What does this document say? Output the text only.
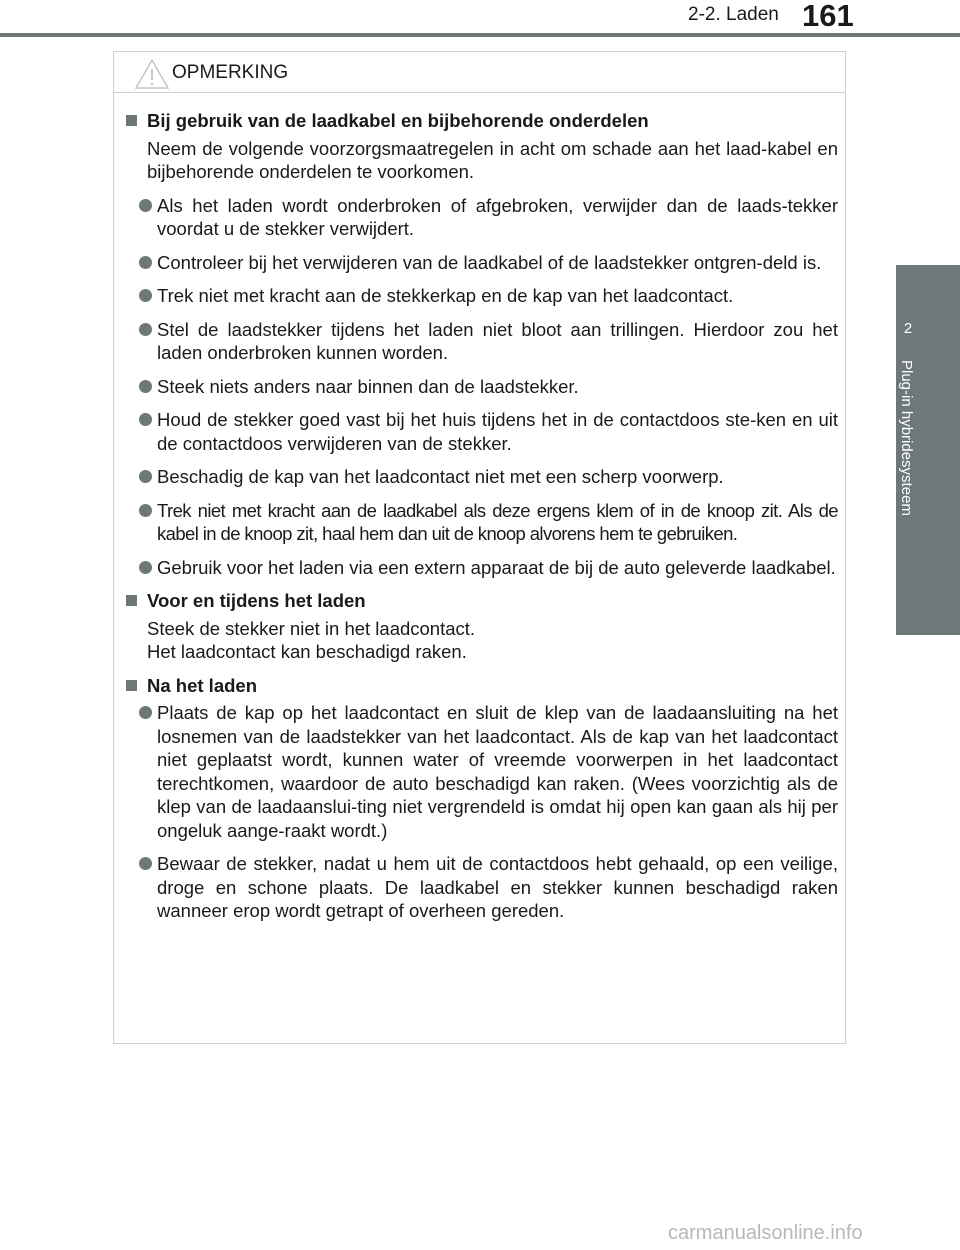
2-2. Laden 161
2
Plug-in hybridesysteem
OPMERKING
Bij gebruik van de laadkabel en bijbehorende onderdelen
Neem de volgende voorzorgsmaatregelen in acht om schade aan het laad-kabel en bijbehorende onderdelen te voorkomen.
Als het laden wordt onderbroken of afgebroken, verwijder dan de laads-tekker voordat u de stekker verwijdert.
Controleer bij het verwijderen van de laadkabel of de laadstekker ontgren-deld is.
Trek niet met kracht aan de stekkerkap en de kap van het laadcontact.
Stel de laadstekker tijdens het laden niet bloot aan trillingen. Hierdoor zou het laden onderbroken kunnen worden.
Steek niets anders naar binnen dan de laadstekker.
Houd de stekker goed vast bij het huis tijdens het in de contactdoos ste-ken en uit de contactdoos verwijderen van de stekker.
Beschadig de kap van het laadcontact niet met een scherp voorwerp.
Trek niet met kracht aan de laadkabel als deze ergens klem of in de knoop zit. Als de kabel in de knoop zit, haal hem dan uit de knoop alvorens hem te gebruiken.
Gebruik voor het laden via een extern apparaat de bij de auto geleverde laadkabel.
Voor en tijdens het laden
Steek de stekker niet in het laadcontact.
Het laadcontact kan beschadigd raken.
Na het laden
Plaats de kap op het laadcontact en sluit de klep van de laadaansluiting na het losnemen van de laadstekker van het laadcontact. Als de kap van het laadcontact niet geplaatst wordt, kunnen water of vreemde voorwerpen in het laadcontact terechtkomen, waardoor de auto beschadigd kan raken. (Wees voorzichtig als de klep van de laadaanslui-ting niet vergrendeld is omdat hij open kan gaan als hij per ongeluk aange-raakt wordt.)
Bewaar de stekker, nadat u hem uit de contactdoos hebt gehaald, op een veilige, droge en schone plaats. De laadkabel en stekker kunnen beschadigd raken wanneer erop wordt getrapt of overheen gereden.
carmanualsonline.info
